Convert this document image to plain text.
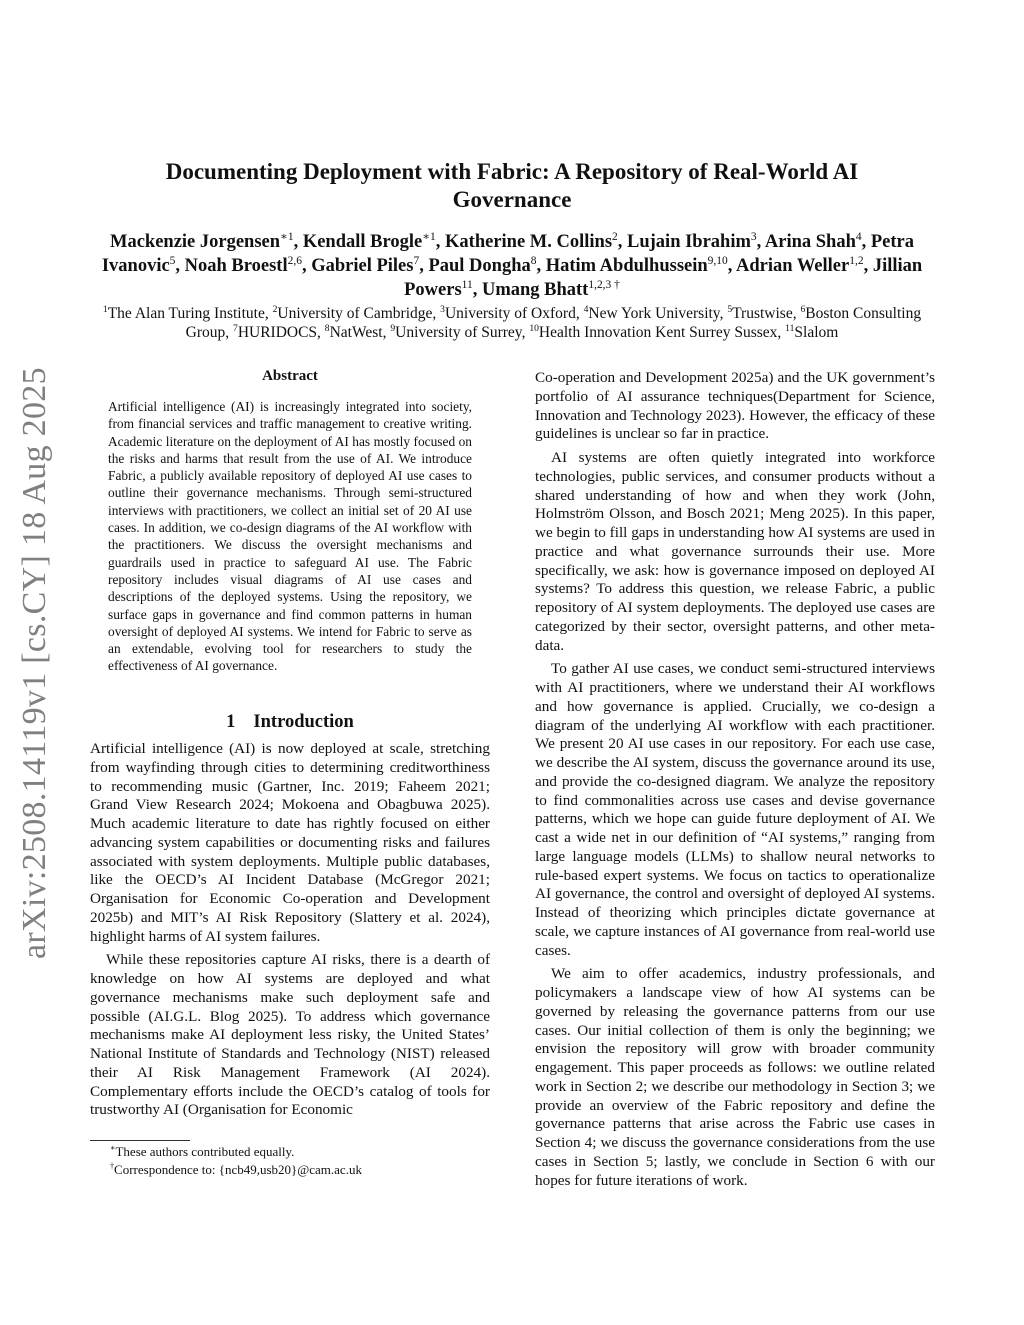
arXiv:2508.14119v1 [cs.CY] 18 Aug 2025
Documenting Deployment with Fabric: A Repository of Real-World AI Governance
Mackenzie Jorgensen$^{∗1}$, Kendall Brogle$^{∗1}$, Katherine M. Collins$^2$, Lujain Ibrahim$^3$, Arina Shah$^4$, Petra Ivanovic$^5$, Noah Broestl$^{2,6}$, Gabriel Piles$^7$, Paul Dongha$^8$, Hatim Abdulhussein$^{9,10}$, Adrian Weller$^{1,2}$, Jillian Powers$^{11}$, Umang Bhatt$^{1,2,3 \dagger}$
$^1$The Alan Turing Institute, $^2$University of Cambridge, $^3$University of Oxford, $^4$New York University, $^5$Trustwise, $^6$Boston Consulting Group, $^7$HURIDOCS, $^8$NatWest, $^9$University of Surrey, $^{10}$Health Innovation Kent Surrey Sussex, $^{11}$Slalom
Abstract
Artificial intelligence (AI) is increasingly integrated into society, from financial services and traffic management to creative writing. Academic literature on the deployment of AI has mostly focused on the risks and harms that result from the use of AI. We introduce Fabric, a publicly available repository of deployed AI use cases to outline their governance mechanisms. Through semi-structured interviews with practitioners, we collect an initial set of 20 AI use cases. In addition, we co-design diagrams of the AI workflow with the practitioners. We discuss the oversight mechanisms and guardrails used in practice to safeguard AI use. The Fabric repository includes visual diagrams of AI use cases and descriptions of the deployed systems. Using the repository, we surface gaps in governance and find common patterns in human oversight of deployed AI systems. We intend for Fabric to serve as an extendable, evolving tool for researchers to study the effectiveness of AI governance.
1 Introduction

Artificial intelligence (AI) is now deployed at scale, stretching from wayfinding through cities to determining creditworthiness to recommending music (Gartner, Inc. 2019; Faheem 2021; Grand View Research 2024; Mokoena and Obagbuwa 2025). Much academic literature to date has rightly focused on either advancing system capabilities or documenting risks and failures associated with system deployments. Multiple public databases, like the OECD’s AI Incident Database (McGregor 2021; Organisation for Economic Co-operation and Development 2025b) and MIT’s AI Risk Repository (Slattery et al. 2024), highlight harms of AI system failures.

While these repositories capture AI risks, there is a dearth of knowledge on how AI systems are deployed and what governance mechanisms make such deployment safe and possible (AI.G.L. Blog 2025). To address which governance mechanisms make AI deployment less risky, the United States’ National Institute of Standards and Technology (NIST) released their AI Risk Management Framework (AI 2024). Complementary efforts include the OECD’s catalog of tools for trustworthy AI (Organisation for Economic

Co-operation and Development 2025a) and the UK government’s portfolio of AI assurance techniques(Department for Science, Innovation and Technology 2023). However, the efficacy of these guidelines is unclear so far in practice.

AI systems are often quietly integrated into workforce technologies, public services, and consumer products without a shared understanding of how and when they work (John, Holmström Olsson, and Bosch 2021; Meng 2025). In this paper, we begin to fill gaps in understanding how AI systems are used in practice and what governance surrounds their use. More specifically, we ask: how is governance imposed on deployed AI systems? To address this question, we release Fabric, a public repository of AI system deployments. The deployed use cases are categorized by their sector, oversight patterns, and other meta-data.

To gather AI use cases, we conduct semi-structured interviews with AI practitioners, where we understand their AI workflows and how governance is applied. Crucially, we co-design a diagram of the underlying AI workflow with each practitioner. We present 20 AI use cases in our repository. For each use case, we describe the AI system, discuss the governance around its use, and provide the co-designed diagram. We analyze the repository to find commonalities across use cases and devise governance patterns, which we hope can guide future deployment of AI. We cast a wide net in our definition of “AI systems,” ranging from large language models (LLMs) to shallow neural networks to rule-based expert systems. We focus on tactics to operationalize AI governance, the control and oversight of deployed AI systems. Instead of theorizing which principles dictate governance at scale, we capture instances of AI governance from real-world use cases.

We aim to offer academics, industry professionals, and policymakers a landscape view of how AI systems can be governed by releasing the governance patterns from our use cases. Our initial collection of them is only the beginning; we envision the repository will grow with broader community engagement. This paper proceeds as follows: we outline related work in Section 2; we describe our methodology in Section 3; we provide an overview of the Fabric repository and define the governance patterns that arise across the Fabric use cases in Section 4; we discuss the governance considerations from the use cases in Section 5; lastly, we conclude in Section 6 with our hopes for future iterations of work.

∗These authors contributed equally.
†Correspondence to: {ncb49,usb20}@cam.ac.uk
